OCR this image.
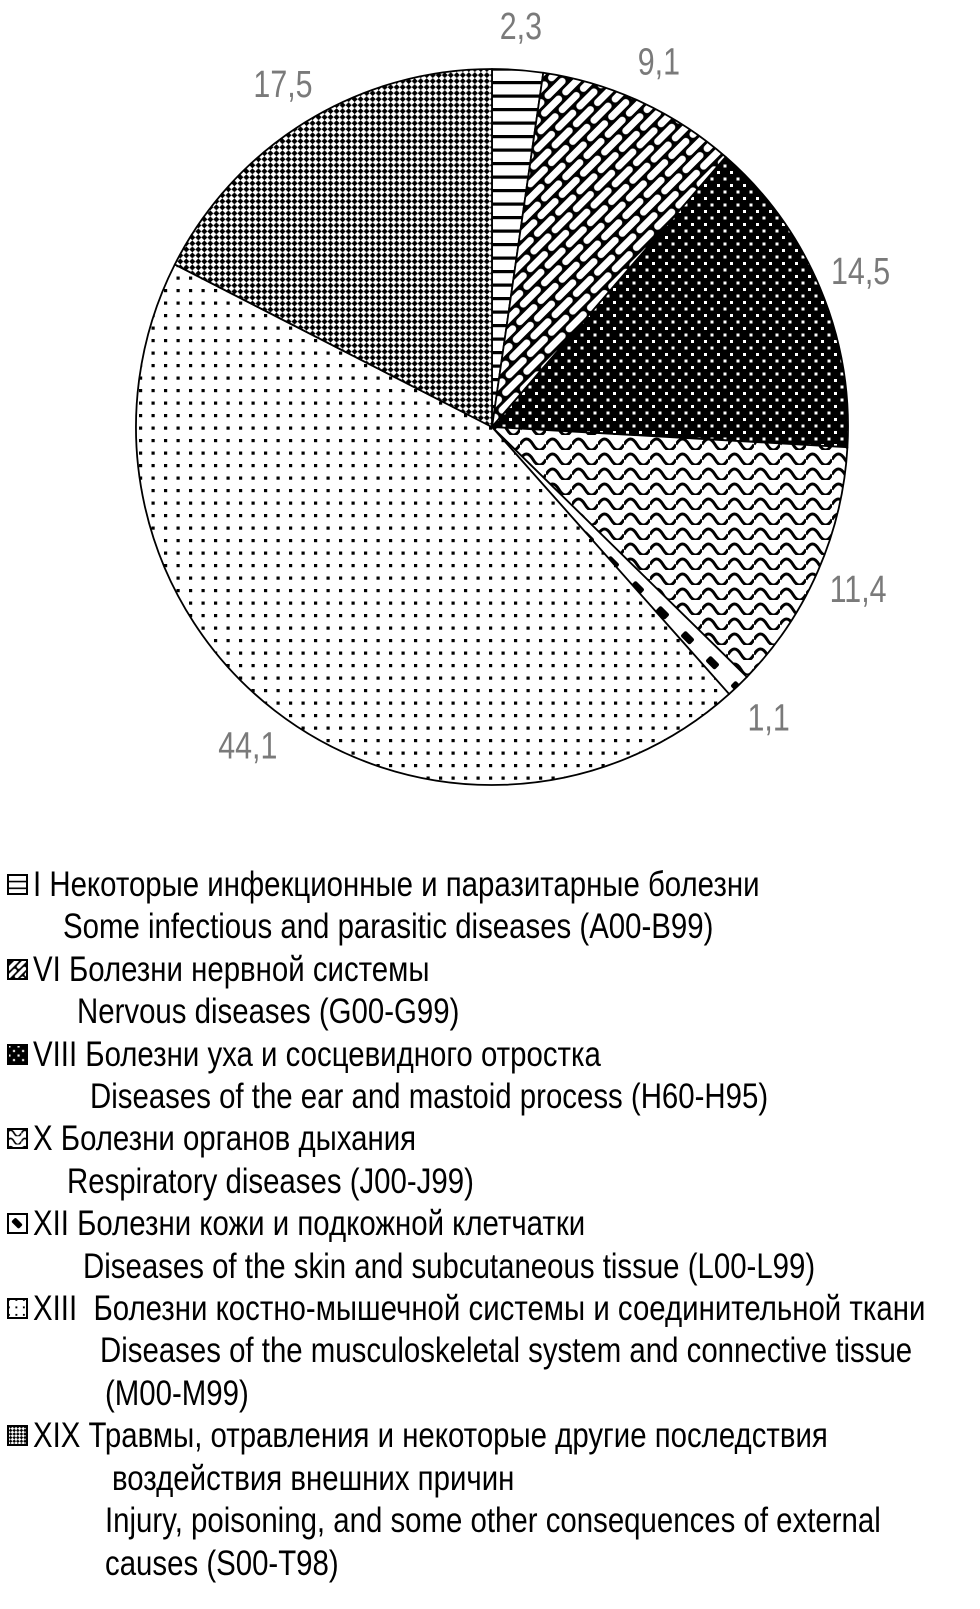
2,3
9,1
14,5
11,4
1,1
44,1
17,5
I Некоторые инфекционные и паразитарные болезни
Some infectious and parasitic diseases (A00-B99)
VI Болезни нервной системы
Nervous diseases (G00-G99)
VIII Болезни уха и сосцевидного отростка
Diseases of the ear and mastoid process (H60-H95)
X Болезни органов дыхания
Respiratory diseases (J00-J99)
XII Болезни кожи и подкожной клетчатки
Diseases of the skin and subcutaneous tissue (L00-L99)
XIII  Болезни костно-мышечной системы и соединительной ткани
Diseases of the musculoskeletal system and connective tissue
(M00-M99)
XIX Травмы, отравления и некоторые другие последствия
воздействия внешних причин
Injury, poisoning, and some other consequences of external
causes (S00-T98)
